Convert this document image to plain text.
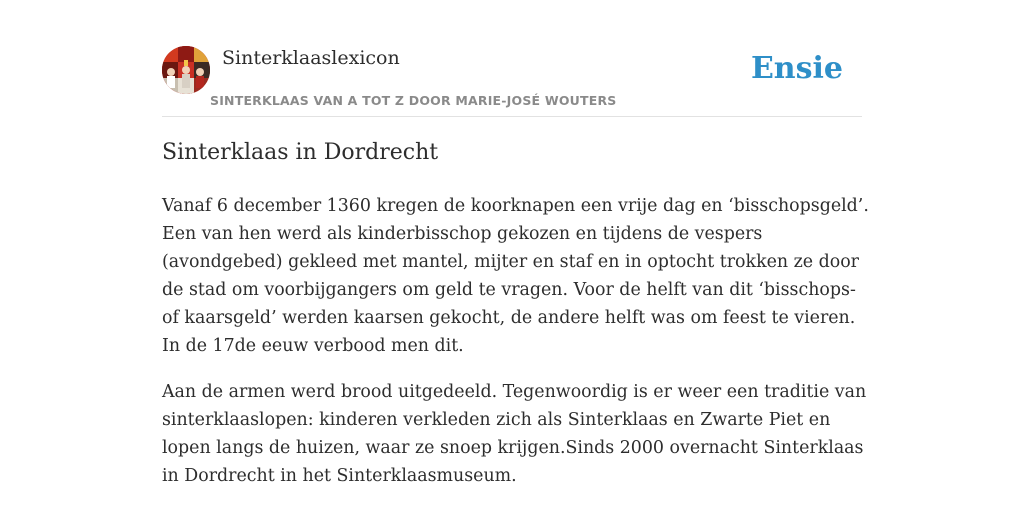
Sinterklaaslexicon
SINTERKLAAS VAN A TOT Z DOOR MARIE-JOSÉ WOUTERS
Ensie
Sinterklaas in Dordrecht

Vanaf 6 december 1360 kregen de koorknapen een vrije dag en ‘bisschopsgeld’. Een van hen werd als kinderbisschop gekozen en tijdens de vespers (avondgebed) gekleed met mantel, mijter en staf en in optocht trokken ze door de stad om voorbijgangers om geld te vragen. Voor de helft van dit ‘bisschops- of kaarsgeld’ werden kaarsen gekocht, de andere helft was om feest te vieren. In de 17de eeuw verbood men dit.

Aan de armen werd brood uitgedeeld. Tegenwoordig is er weer een traditie van sinterklaaslopen: kinderen verkleden zich als Sinterklaas en Zwarte Piet en lopen langs de huizen, waar ze snoep krijgen.Sinds 2000 overnacht Sinterklaas in Dordrecht in het Sinterklaasmuseum.
